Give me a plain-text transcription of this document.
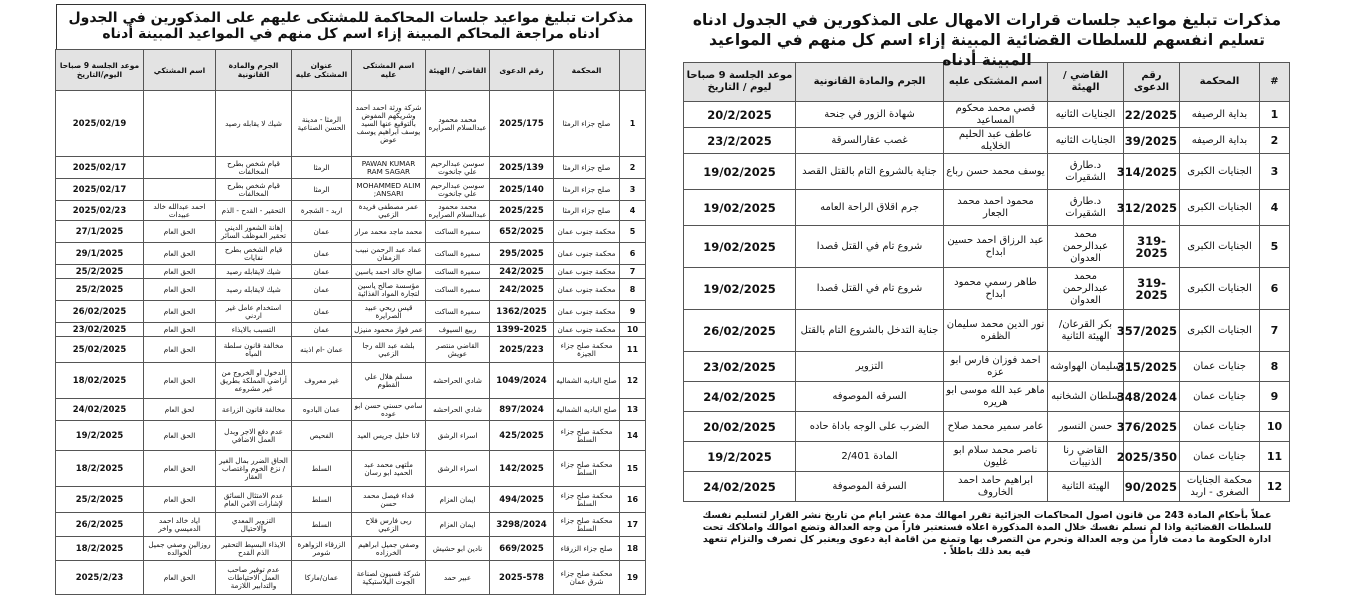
مذكرات تبليغ مواعيد جلسات المحاكمة للمشتكى عليهم على المذكورين في الجدول ادناه مراجعة المحاكم المبينة إزاء اسم كل منهم في المواعيد المبينة أدناه
	المحكمة	رقم الدعوى	القاضي / الهيئة	اسم المشتكى عليه	عنوان المشتكى عليه	الجرم والمادة القانونية	اسم المشتكي	موعد الجلسة 9 صباحا اليوم/التاريخ
1	صلح جزاء الرمثا	2025/175	محمد محمود عبدالسلام الصرايره	شركة ورثة احمد احمد وشريكهم المفوض بالتوقيع عنها السيد يوسف ابراهيم يوسف عوض	الرمثا - مدينة الحسن الصناعية	شيك لا يقابله رصيد		2025/02/19
2	صلح جزاء الرمثا	2025/139	سوسن عبدالرحيم علي جانخوت	PAWAN KUMAR RAM SAGAR	الرمثا	قيام شخص بطرح المخالفات		2025/02/17
3	صلح جزاء الرمثا	2025/140	سوسن عبدالرحيم علي جانخوت	MOHAMMED ALIM ANSARI;	الرمثا	قيام شخص بطرح المخالفات		2025/02/17
4	صلح جزاء الرمثا	2025/225	محمد محمود عبدالسلام الصرايره	عمر مصطفى فريدة الزعبي	اربد - الشجرة	التحقير - القدح - الذم	احمد عبدالله خالد عبيدات	2025/02/23
5	محكمة جنوب عمان	652/2025	سميرة الساكت	محمد ماجد محمد مرار	عمان	إهانة الشعور الديني تحقير الموظف السائر	الحق العام	27/1/2025
6	محكمة جنوب عمان	295/2025	سميرة الساكت	عماد عبد الرحمن نبيب الزمقان	عمان	قيام الشخص بطرح نفايات	الحق العام	29/1/2025
7	محكمة جنوب عمان	242/2025	سميرة الساكت	صالح خالد احمد ياسين	عمان	شيك لايقابله رصيد	الحق العام	25/2/2025
8	محكمة جنوب عمان	242/2025	سميرة الساكت	مؤسسة صالح ياسين لتجارة المواد الغذائية	عمان	شيك لايقابله رصيد	الحق العام	25/2/2025
9	محكمة جنوب عمان	1362/2025	سميرة الساكت	قيس ربحي عبيد الصرايرة	عمان	استخدام عامل غير اردني	الحق العام	26/02/2025
10	محكمة جنوب عمان	1399-2025	ربيع السيوف	عمر فواز محمود منيزل	عمان	التسبب بالايذاء	الحق العام	23/02/2025
11	محكمة صلح جزاء الجيزة	2025/223	القاضي منتصر عويش	بلشه عبد الله رجا الزعبي	عمان -ام اذينه	مخالفة قانون سلطة المياه	الحق العام	25/02/2025
12	صلح الباديه الشماليه	1049/2024	شادي الحراحشه	مسلم هلال علي القطوم	غير معروف	الدخول او الخروج من أراضي المملكة بطريق غير مشروعه	الحق العام	18/02/2025
13	صلح الباديه الشماليه	897/2024	شادي الحراحشه	سامي حسني حسن ابو عوده	عمان البادوه	مخالفة قانون الزراعة	لحق العام	24/02/2025
14	محكمة صلح جزاء السلط	425/2025	اسراء الرشق	لانا خليل جريس العيد	الفحيص	عدم دفع الاجر وبدل العمل الاضافي	الحق العام	19/2/2025
15	محكمة صلح جزاء السلط	142/2025	اسراء الرشق	ملتهى محمد عبد الحميد ابو رسان	السلط	الحاق الضرر بمال الغير / نزع الخوم واغتصاب العقار	الحق العام	18/2/2025
16	محكمة صلح جزاء السلط	494/2025	ايمان العزام	فداء فيصل محمد حسن	السلط	عدم الامتثال السائق لإشارات الامن العام	الحق العام	25/2/2025
17	محكمة صلح جزاء السلط	3298/2024	ايمان العزام	ربى فارس فلاح الزعبي	السلط	التزوير المعدي والاحتيال	اياد خالد احمد الدميسي واخر	26/2/2025
18	صلح جزاء الزرقاء	669/2025	نادين ابو حشيش	وصفي جميل ابراهيم الخرزاده	الزرقاء الزواهرة شومر	الايذاء البسيط التحقير الذم القدح	روزالين وصفي جميل الخوالده	18/2/2025
19	محكمة صلح جزاء شرق عمان	2025-578	عبير حمد	شركة قسيون لصناعة الجوت البلاستيكية	عمان/ماركا	عدم توفير صاحب العمل الاحتياطات والتدابير اللازمة	الحق العام	2025/2/23
مذكرات تبليغ مواعيد جلسات قرارات الامهال على المذكورين في الجدول ادناه تسليم انفسهم للسلطات القضائية المبينة إزاء اسم كل منهم في المواعيد المبينة أدناه
#	المحكمة	رقم الدعوى	القاضي / الهيئة	اسم المشتكى عليه	الجرم والمادة القانونية	موعد الجلسة 9 صباحا ليوم / التاريخ
1	بداية الرصيفه	22/2025	الجنايات الثانيه	قصي محمد محكوم المساعيد	شهادة الزور في جنحة	20/2/2025
2	بداية الرصيفه	39/2025	الجنايات الثانيه	عاطف عبد الحليم الخلايله	غصب عقارالسرقة	23/2/2025
3	الجنايات الكبرى	314/2025	د.طارق الشقيرات	يوسف محمد حسن رباع	جناية بالشروع التام بالقتل القصد	19/02/2025
4	الجنايات الكبرى	312/2025	د.طارق الشقيرات	محمود احمد محمد الجعار	جرم اقلاق الراحة العامه	19/02/2025
5	الجنايات الكبرى	319-2025	محمد عبدالرحمن العدوان	عبد الرزاق احمد حسين ابداح	شروع تام في القتل قصدا	19/02/2025
6	الجنايات الكبرى	319-2025	محمد عبدالرحمن العدوان	طاهر رسمي محمود ابداح	شروع تام في القتل قصدا	19/02/2025
7	الجنايات الكبرى	357/2025	بكر القرعان/الهيئة الثانية	نور الدين محمد سليمان الظفره	جناية التدخل بالشروع التام بالقتل	26/02/2025
8	جنايات عمان	315/2025	سليمان الهواوشه	احمد فوزان فارس ابو عزه	التزوير	23/02/2025
9	جنايات عمان	348/2024	سلطان الشخانبه	ماهر عبد الله موسى ابو هريره	السرقه الموصوفه	24/02/2025
10	جنايات عمان	376/2025	حسن النسور	عامر سمير محمد صلاح	الضرب على الوجه باداة حاده	20/02/2025
11	جنايات عمان	2025/350	القاضي رنا الذنيبات	ناصر محمد سلام ابو غليون	المادة 2/401	19/2/2025
12	محكمة الجنايات الصغرى - اربد	90/2025	الهيئة الثانية	ابراهيم حامد احمد الخاروف	السرقة الموصوفة	24/02/2025
عملاً بأحكام المادة 243 من قانون اصول المحاكمات الجزائية تقرر امهالك مدة عشر ايام من تاريخ نشر القرار لتسليم نفسك للسلطات القضائية واذا لم تسلم نفسك خلال المدة المذكورة اعلاه فستعتبر فاراً من وجه العدالة وتضع اموالك واملاكك تحت ادارة الحكومة ما دمت فاراً من وجه العدالة وتحرم من التصرف بها وتمنع من اقامة اية دعوى ويعتبر كل تصرف والتزام تتعهد فيه بعد ذلك باطلاً .
